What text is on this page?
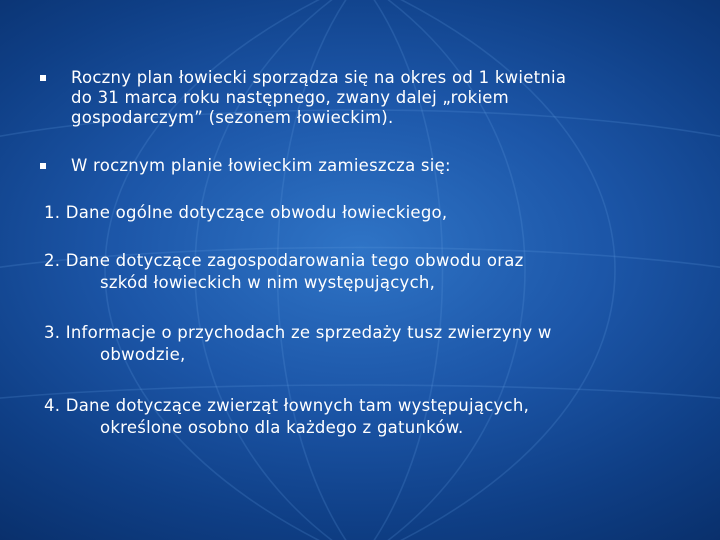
Roczny plan łowiecki sporządza się na okres od 1 kwietnia
do 31 marca roku następnego, zwany dalej „rokiem
gospodarczym” (sezonem łowieckim).
W rocznym planie łowieckim zamieszcza się:
1. Dane ogólne dotyczące obwodu łowieckiego,
2. Dane dotyczące zagospodarowania tego obwodu oraz
szkód łowieckich w nim występujących,
3. Informacje o przychodach ze sprzedaży tusz zwierzyny w
obwodzie,
4. Dane dotyczące zwierząt łownych tam występujących,
określone osobno dla każdego z gatunków.
